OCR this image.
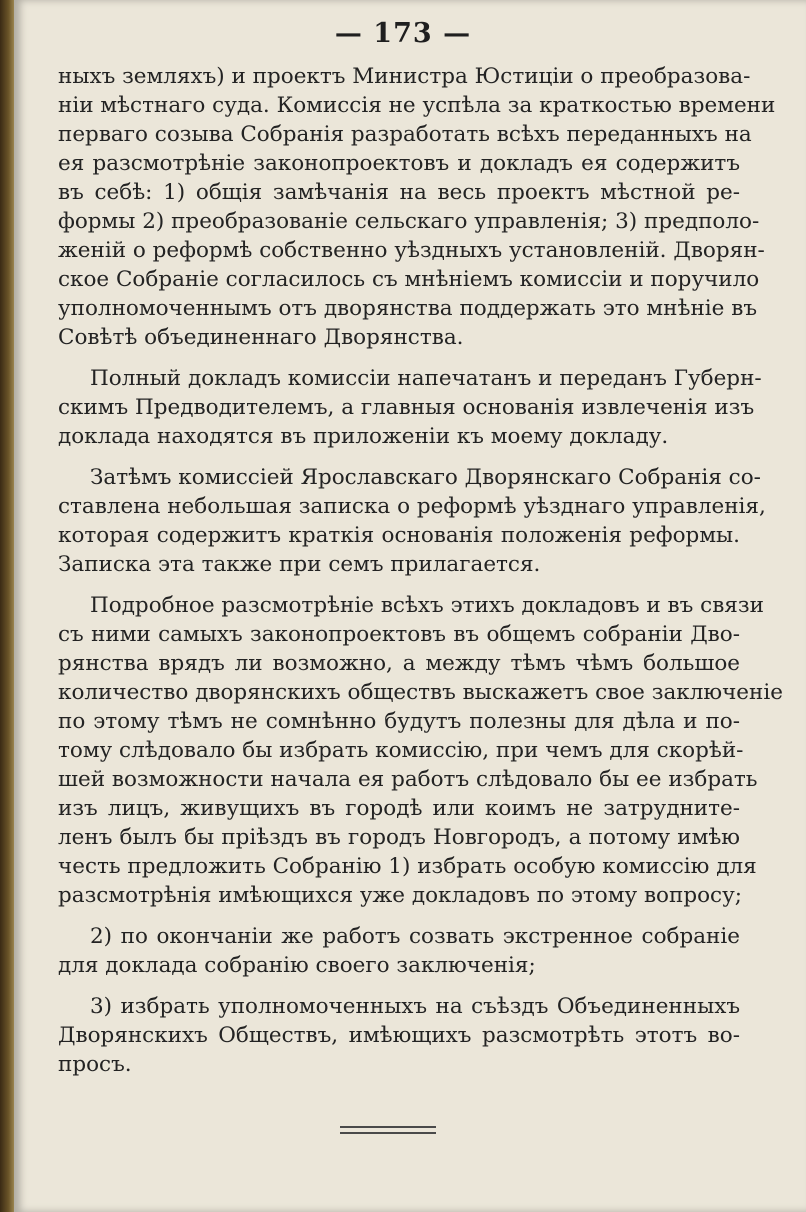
— 173 —
ныхъ земляхъ) и проектъ Министра Юстиціи о преобразова-
ніи мѣстнаго суда. Комиссія не успѣла за краткостью времени
перваго созыва Собранія разработать всѣхъ переданныхъ на
ея разсмотрѣніе законопроектовъ и докладъ ея содержитъ
въ себѣ: 1) общія замѣчанія на весь проектъ мѣстной ре-
формы 2) преобразованіе сельскаго управленія; 3) предполо-
женій о реформѣ собственно уѣздныхъ установленій. Дворян-
ское Собраніе согласилось съ мнѣніемъ комиссіи и поручило
уполномоченнымъ отъ дворянства поддержать это мнѣніе въ
Совѣтѣ объединеннаго Дворянства.
Полный докладъ комиссіи напечатанъ и переданъ Губерн-
скимъ Предводителемъ, а главныя основанія извлеченія изъ
доклада находятся въ приложеніи къ моему докладу.
Затѣмъ комиссіей Ярославскаго Дворянскаго Собранія со-
ставлена небольшая записка о реформѣ уѣзднаго управленія,
которая содержитъ краткія основанія положенія реформы.
Записка эта также при семъ прилагается.
Подробное разсмотрѣніе всѣхъ этихъ докладовъ и въ связи
съ ними самыхъ законопроектовъ въ общемъ собраніи Дво-
рянства врядъ ли возможно, а между тѣмъ чѣмъ большое
количество дворянскихъ обществъ выскажетъ свое заключеніе
по этому тѣмъ не сомнѣнно будутъ полезны для дѣла и по-
тому слѣдовало бы избрать комиссію, при чемъ для скорѣй-
шей возможности начала ея работъ слѣдовало бы ее избрать
изъ лицъ, живущихъ въ городѣ или коимъ не затрудните-
ленъ былъ бы пріѣздъ въ городъ Новгородъ, а потому имѣю
честь предложить Собранію 1) избрать особую комиссію для
разсмотрѣнія имѣющихся уже докладовъ по этому вопросу;
2) по окончаніи же работъ созвать экстренное собраніе
для доклада собранію своего заключенія;
3) избрать уполномоченныхъ на съѣздъ Объединенныхъ
Дворянскихъ Обществъ, имѣющихъ разсмотрѣть этотъ во-
просъ.
